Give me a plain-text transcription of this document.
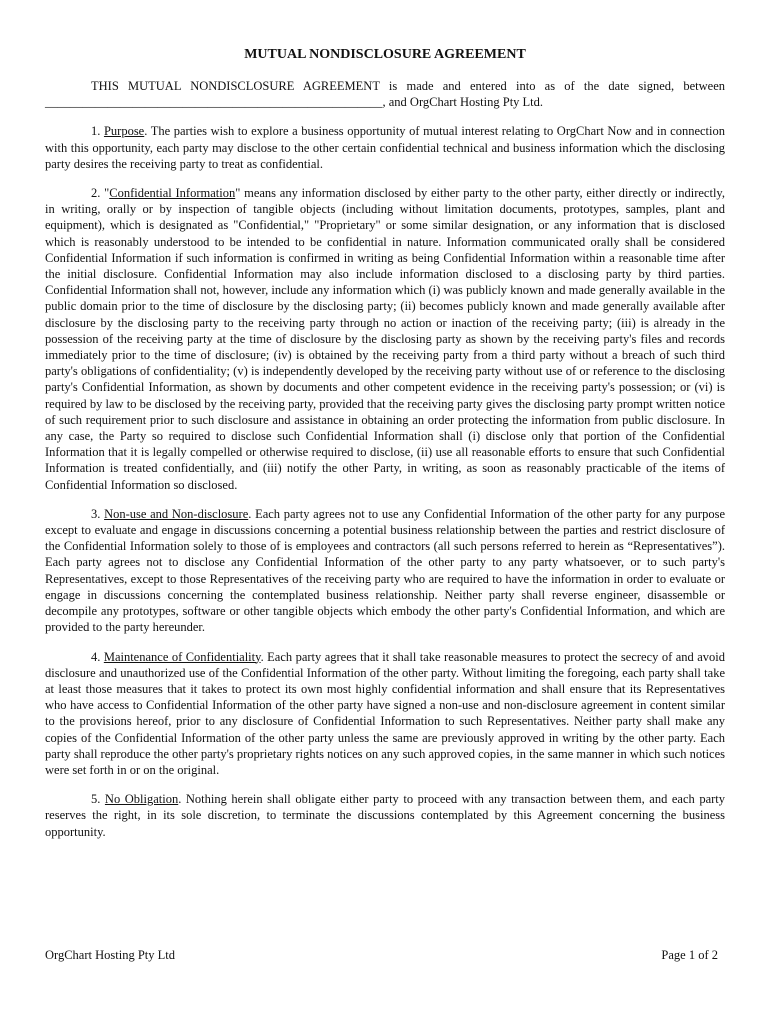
MUTUAL NONDISCLOSURE AGREEMENT

THIS MUTUAL NONDISCLOSURE AGREEMENT is made and entered into as of the date signed, between ______________________________________________________, and OrgChart Hosting Pty Ltd.

1. Purpose. The parties wish to explore a business opportunity of mutual interest relating to OrgChart Now and in connection with this opportunity, each party may disclose to the other certain confidential technical and business information which the disclosing party desires the receiving party to treat as confidential.

2. "Confidential Information" means any information disclosed by either party to the other party, either directly or indirectly, in writing, orally or by inspection of tangible objects (including without limitation documents, prototypes, samples, plant and equipment), which is designated as "Confidential," "Proprietary" or some similar designation, or any information that is disclosed which is reasonably understood to be intended to be confidential in nature. Information communicated orally shall be considered Confidential Information if such information is confirmed in writing as being Confidential Information within a reasonable time after the initial disclosure. Confidential Information may also include information disclosed to a disclosing party by third parties. Confidential Information shall not, however, include any information which (i) was publicly known and made generally available in the public domain prior to the time of disclosure by the disclosing party; (ii) becomes publicly known and made generally available after disclosure by the disclosing party to the receiving party through no action or inaction of the receiving party; (iii) is already in the possession of the receiving party at the time of disclosure by the disclosing party as shown by the receiving party's files and records immediately prior to the time of disclosure; (iv) is obtained by the receiving party from a third party without a breach of such third party's obligations of confidentiality; (v) is independently developed by the receiving party without use of or reference to the disclosing party's Confidential Information, as shown by documents and other competent evidence in the receiving party's possession; or (vi) is required by law to be disclosed by the receiving party, provided that the receiving party gives the disclosing party prompt written notice of such requirement prior to such disclosure and assistance in obtaining an order protecting the information from public disclosure. In any case, the Party so required to disclose such Confidential Information shall (i) disclose only that portion of the Confidential Information that it is legally compelled or otherwise required to disclose, (ii) use all reasonable efforts to ensure that such Confidential Information is treated confidentially, and (iii) notify the other Party, in writing, as soon as reasonably practicable of the items of Confidential Information so disclosed.

3. Non-use and Non-disclosure. Each party agrees not to use any Confidential Information of the other party for any purpose except to evaluate and engage in discussions concerning a potential business relationship between the parties and restrict disclosure of the Confidential Information solely to those of is employees and contractors (all such persons referred to herein as “Representatives”). Each party agrees not to disclose any Confidential Information of the other party to any party whatsoever, or to such party's Representatives, except to those Representatives of the receiving party who are required to have the information in order to evaluate or engage in discussions concerning the contemplated business relationship. Neither party shall reverse engineer, disassemble or decompile any prototypes, software or other tangible objects which embody the other party's Confidential Information, and which are provided to the party hereunder.

4. Maintenance of Confidentiality. Each party agrees that it shall take reasonable measures to protect the secrecy of and avoid disclosure and unauthorized use of the Confidential Information of the other party. Without limiting the foregoing, each party shall take at least those measures that it takes to protect its own most highly confidential information and shall ensure that its Representatives who have access to Confidential Information of the other party have signed a non-use and non-disclosure agreement in content similar to the provisions hereof, prior to any disclosure of Confidential Information to such Representatives. Neither party shall make any copies of the Confidential Information of the other party unless the same are previously approved in writing by the other party. Each party shall reproduce the other party's proprietary rights notices on any such approved copies, in the same manner in which such notices were set forth in or on the original.

5. No Obligation. Nothing herein shall obligate either party to proceed with any transaction between them, and each party reserves the right, in its sole discretion, to terminate the discussions contemplated by this Agreement concerning the business opportunity.

OrgChart Hosting Pty Ltd	Page 1 of 2
